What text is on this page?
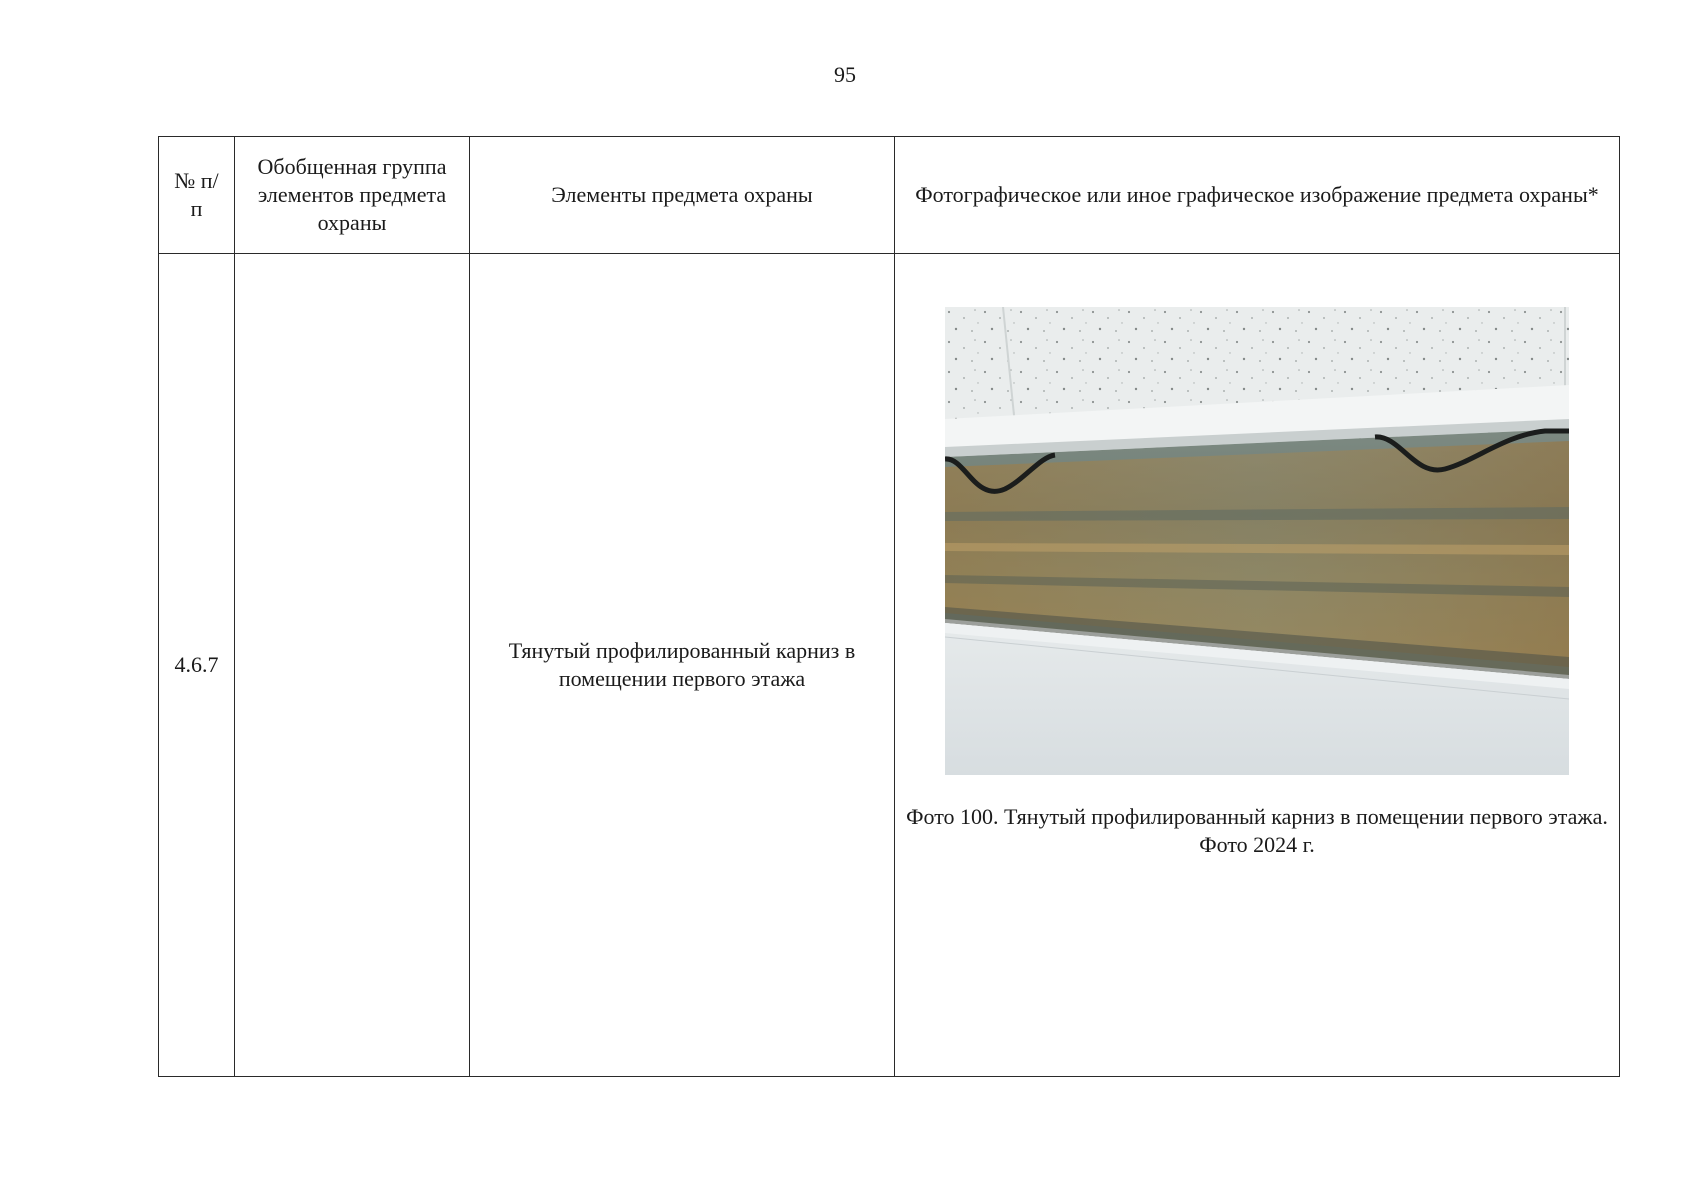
95
№ п/п	Обобщенная группа элементов предмета охраны	Элементы предмета охраны	Фотографическое или иное графическое изображение предмета охраны*
4.6.7		Тянутый профилированный карниз в помещении первого этажа	Фото 100. Тянутый профилированный карниз в помещении первого этажа. Фото 2024 г.
